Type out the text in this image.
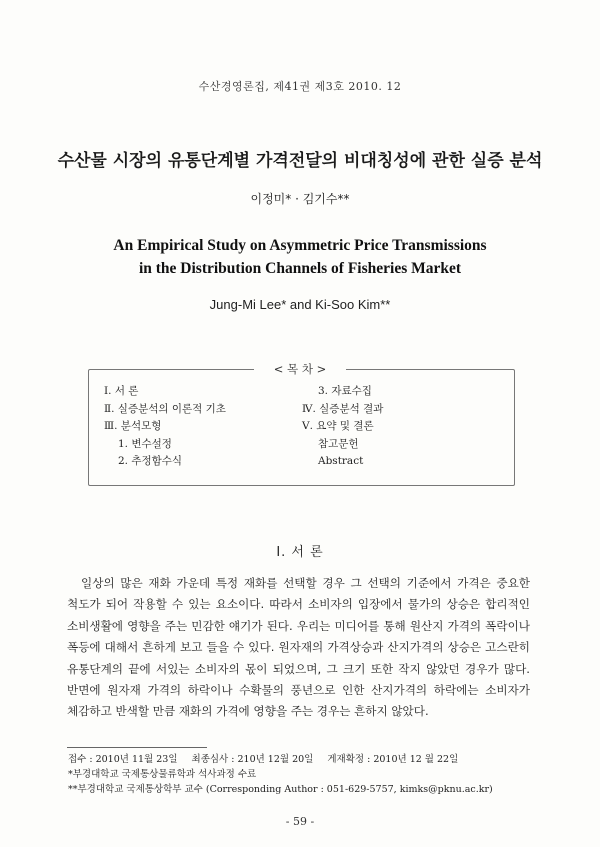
수산경영론집, 제41권 제3호 2010. 12
수산물 시장의 유통단계별 가격전달의 비대칭성에 관한 실증 분석
이정미* · 김기수**
An Empirical Study on Asymmetric Price Transmissions
in the Distribution Channels of Fisheries Market
Jung-Mi Lee* and Ki-Soo Kim**
< 목 차 >
Ⅰ. 서 론
Ⅱ. 실증분석의 이론적 기초
Ⅲ. 분석모형
1. 변수설정
2. 추정함수식
3. 자료수집
Ⅳ. 실증분석 결과
Ⅴ. 요약 및 결론
참고문헌
Abstract
Ⅰ. 서 론
일상의 많은 재화 가운데 특정 재화를 선택할 경우 그 선택의 기준에서 가격은 중요한 척도가 되어 작용할 수 있는 요소이다. 따라서 소비자의 입장에서 물가의 상승은 합리적인 소비생활에 영향을 주는 민감한 얘기가 된다. 우리는 미디어를 통해 원산지 가격의 폭락이나 폭등에 대해서 흔하게 보고 들을 수 있다. 원자재의 가격상승과 산지가격의 상승은 고스란히 유통단계의 끝에 서있는 소비자의 몫이 되었으며, 그 크기 또한 작지 않았던 경우가 많다. 반면에 원자재 가격의 하락이나 수확물의 풍년으로 인한 산지가격의 하락에는 소비자가 체감하고 반색할 만큼 재화의 가격에 영향을 주는 경우는 흔하지 않았다.
접수 : 2010년 11월 23일 최종심사 : 210년 12월 20일 게재확정 : 2010년 12 월 22일
*부경대학교 국제통상물류학과 석사과정 수료
**부경대학교 국제통상학부 교수 (Corresponding Author : 051-629-5757, kimks@pknu.ac.kr)
- 59 -
